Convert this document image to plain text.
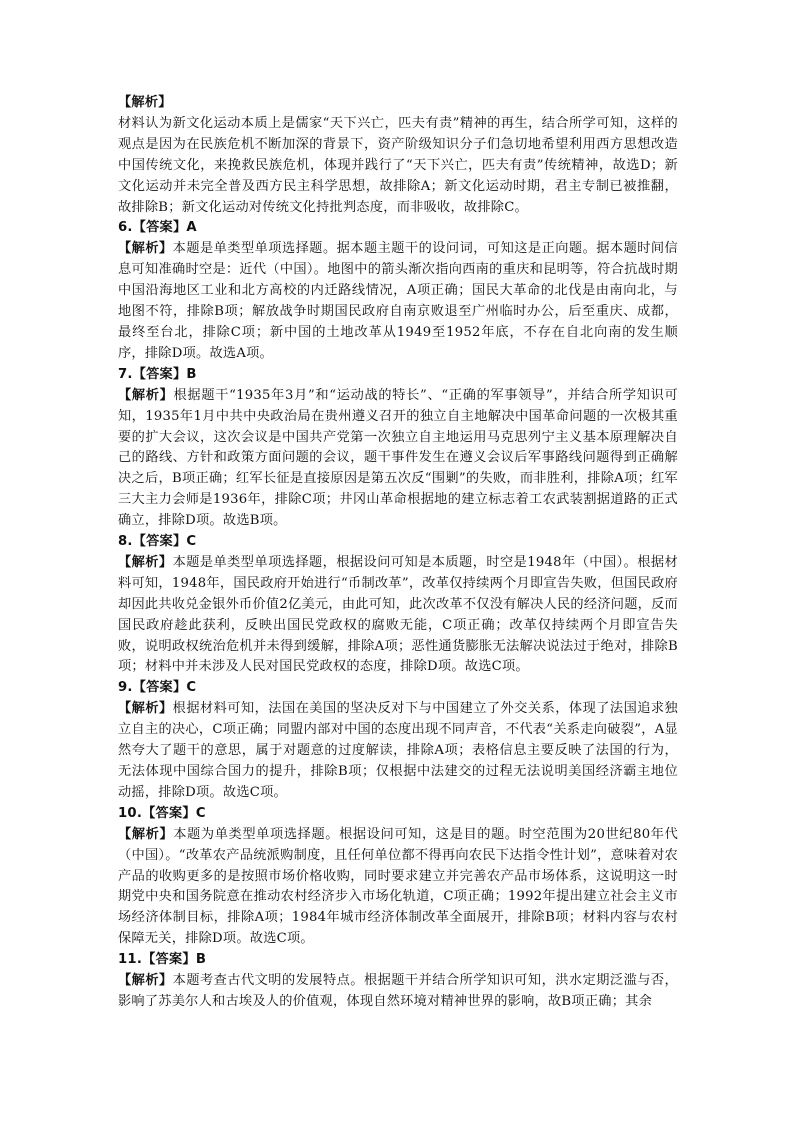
【解析】

材料认为新文化运动本质上是儒家“天下兴亡，匹夫有责”精神的再生，结合所学可知，这样的观点是因为在民族危机不断加深的背景下，资产阶级知识分子们急切地希望利用西方思想改造中国传统文化，来挽救民族危机，体现并践行了“天下兴亡，匹夫有责”传统精神，故选D；新文化运动并未完全普及西方民主科学思想，故排除A；新文化运动时期，君主专制已被推翻，故排除B；新文化运动对传统文化持批判态度，而非吸收，故排除C。

6.【答案】A

【解析】本题是单类型单项选择题。据本题主题干的设问词，可知这是正向题。据本题时间信息可知准确时空是：近代（中国）。地图中的箭头渐次指向西南的重庆和昆明等，符合抗战时期中国沿海地区工业和北方高校的内迁路线情况，A项正确；国民大革命的北伐是由南向北，与地图不符，排除B项；解放战争时期国民政府自南京败退至广州临时办公，后至重庆、成都，最终至台北，排除C项；新中国的土地改革从1949至1952年底，不存在自北向南的发生顺序，排除D项。故选A项。

7.【答案】B

【解析】根据题干“1935年3月”和“运动战的特长”、“正确的军事领导”，并结合所学知识可知，1935年1月中共中央政治局在贵州遵义召开的独立自主地解决中国革命问题的一次极其重要的扩大会议，这次会议是中国共产党第一次独立自主地运用马克思列宁主义基本原理解决自己的路线、方针和政策方面问题的会议，题干事件发生在遵义会议后军事路线问题得到正确解决之后，B项正确；红军长征是直接原因是第五次反“围剿”的失败，而非胜利，排除A项；红军三大主力会师是1936年，排除C项；井冈山革命根据地的建立标志着工农武装割据道路的正式确立，排除D项。故选B项。

8.【答案】C

【解析】本题是单类型单项选择题，根据设问可知是本质题，时空是1948年（中国）。根据材料可知，1948年，国民政府开始进行“币制改革”，改革仅持续两个月即宣告失败，但国民政府却因此共收兑金银外币价值2亿美元，由此可知，此次改革不仅没有解决人民的经济问题，反而国民政府趁此获利，反映出国民党政权的腐败无能，C项正确；改革仅持续两个月即宣告失败，说明政权统治危机并未得到缓解，排除A项；恶性通货膨胀无法解决说法过于绝对，排除B项；材料中并未涉及人民对国民党政权的态度，排除D项。故选C项。

9.【答案】C

【解析】根据材料可知，法国在美国的坚决反对下与中国建立了外交关系，体现了法国追求独立自主的决心，C项正确；同盟内部对中国的态度出现不同声音，不代表“关系走向破裂”，A显然夸大了题干的意思，属于对题意的过度解读，排除A项；表格信息主要反映了法国的行为，无法体现中国综合国力的提升，排除B项；仅根据中法建交的过程无法说明美国经济霸主地位动摇，排除D项。故选C项。

10.【答案】C

【解析】本题为单类型单项选择题。根据设问可知，这是目的题。时空范围为20世纪80年代（中国）。“改革农产品统派购制度，且任何单位都不得再向农民下达指令性计划”，意味着对农产品的收购更多的是按照市场价格收购，同时要求建立并完善农产品市场体系，这说明这一时期党中央和国务院意在推动农村经济步入市场化轨道，C项正确；1992年提出建立社会主义市场经济体制目标，排除A项；1984年城市经济体制改革全面展开，排除B项；材料内容与农村保障无关，排除D项。故选C项。

11.【答案】B

【解析】本题考查古代文明的发展特点。根据题干并结合所学知识可知，洪水定期泛滥与否，影响了苏美尔人和古埃及人的价值观，体现自然环境对精神世界的影响，故B项正确；其余
